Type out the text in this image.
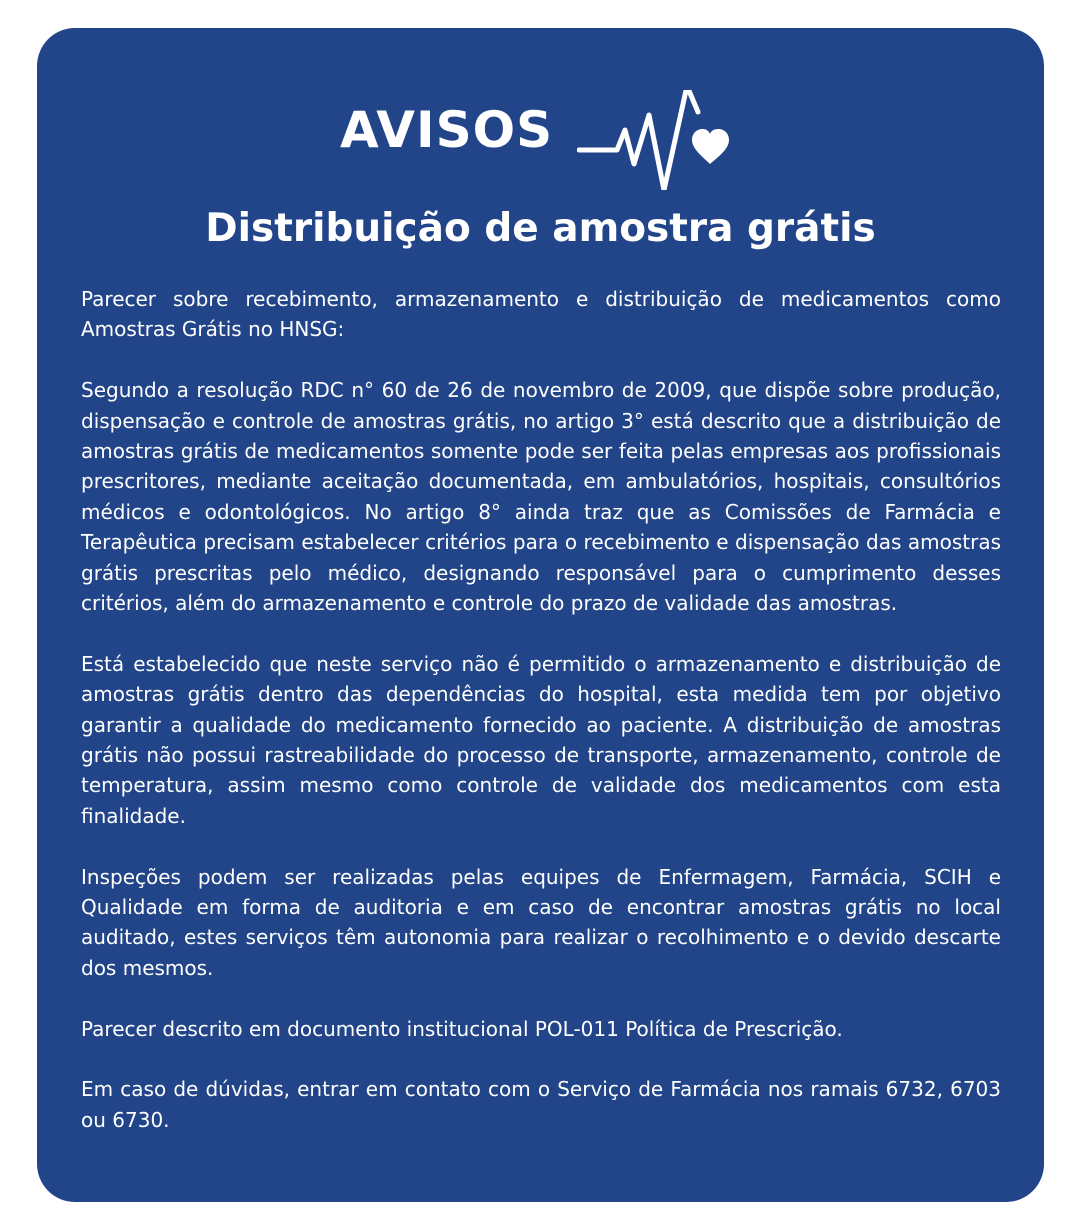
AVISOS
Distribuição de amostra grátis

Parecer sobre recebimento, armazenamento e distribuição de medicamentos como Amostras Grátis no HNSG:

Segundo a resolução RDC n° 60 de 26 de novembro de 2009, que dispõe sobre produção, dispensação e controle de amostras grátis, no artigo 3° está descrito que a distribuição de amostras grátis de medicamentos somente pode ser feita pelas empresas aos profissionais prescritores, mediante aceitação documentada, em ambulatórios, hospitais, consultórios médicos e odontológicos. No artigo 8° ainda traz que as Comissões de Farmácia e Terapêutica precisam estabelecer critérios para o recebimento e dispensação das amostras grátis prescritas pelo médico, designando responsável para o cumprimento desses critérios, além do armazenamento e controle do prazo de validade das amostras.

Está estabelecido que neste serviço não é permitido o armazenamento e distribuição de amostras grátis dentro das dependências do hospital, esta medida tem por objetivo garantir a qualidade do medicamento fornecido ao paciente. A distribuição de amostras grátis não possui rastreabilidade do processo de transporte, armazenamento, controle de temperatura, assim mesmo como controle de validade dos medicamentos com esta finalidade.

Inspeções podem ser realizadas pelas equipes de Enfermagem, Farmácia, SCIH e Qualidade em forma de auditoria e em caso de encontrar amostras grátis no local auditado, estes serviços têm autonomia para realizar o recolhimento e o devido descarte dos mesmos.

Parecer descrito em documento institucional POL-011 Política de Prescrição.

Em caso de dúvidas, entrar em contato com o Serviço de Farmácia nos ramais 6732, 6703 ou 6730.
